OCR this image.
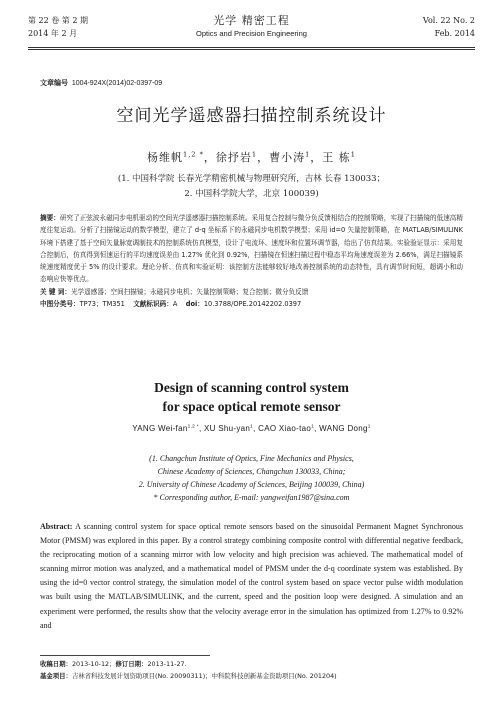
第 22 卷 第 2 期
2014 年 2 月
光学 精密工程
Optics and Precision Engineering
Vol. 22 No. 2
Feb. 2014
文章编号 1004-924X(2014)02-0397-09
空间光学遥感器扫描控制系统设计
杨维帆$^{1,2 *}$，徐抒岩$^1$，曹小涛$^1$，王 栋$^1$
(1. 中国科学院 长春光学精密机械与物理研究所，吉林 长春 130033；
2. 中国科学院大学，北京 100039)
摘要：研究了正弦波永磁同步电机驱动的空间光学遥感器扫描控制系统。采用复合控制与微分负反馈相结合的控制策略，实现了扫描镜的低速高精度往复运动。分析了扫描镜运动的数学模型，建立了 d-q 坐标系下的永磁同步电机数学模型；采用 id=0 矢量控制策略，在 MATLAB/SIMULINK 环境下搭建了基于空间矢量脉宽调制技术的控制系统仿真模型，设计了电流环、速度环和位置环调节器，给出了仿真结果。实验验证显示：采用复合控制后，仿真得到恒速运行的平均速度误差由 1.27% 优化到 0.92%，扫描镜在恒速扫描过程中稳态平均角速度误差为 2.66%，满足扫描镜系统速度精度优于 5% 的设计要求。理论分析、仿真和实验证明：该控制方法能够较好地改善控制系统的动态特性，具有调节时间短，超调小和动态响应快等优点。
关 键 词：光学遥感器；空间扫描镜；永磁同步电机；矢量控制策略；复合控制；微分负反馈
中图分类号：TP73；TM351 文献标识码：A doi：10.3788/OPE.20142202.0397
Design of scanning control system
for space optical remote sensor
YANG Wei-fan$^{1,2 *}$, XU Shu-yan$^1$, CAO Xiao-tao$^1$, WANG Dong$^1$
(1. Changchun Institute of Optics, Fine Mechanics and Physics,
Chinese Academy of Sciences, Changchun 130033, China;
2. University of Chinese Academy of Sciences, Beijing 100039, China)
* Corresponding author, E-mail: yangweifan1987@sina.com
Abstract: A scanning control system for space optical remote sensors based on the sinusoidal Permanent Magnet Synchronous Motor (PMSM) was explored in this paper. By a control strategy combining composite control with differential negative feedback, the reciprocating motion of a scanning mirror with low velocity and high precision was achieved. The mathematical model of scanning mirror motion was analyzed, and a mathematical model of PMSM under the d-q coordinate system was established. By using the id=0 vector control strategy, the simulation model of the control system based on space vector pulse width modulation was built using the MATLAB/SIMULINK, and the current, speed and the position loop were designed. A simulation and an experiment were performed, the results show that the velocity average error in the simulation has optimized from 1.27% to 0.92% and
收稿日期：2013-10-12；修订日期：2013-11-27.
基金项目：吉林省科技发展计划资助项目(No. 20090311)；中科院科技创新基金资助项目(No. 201204)
